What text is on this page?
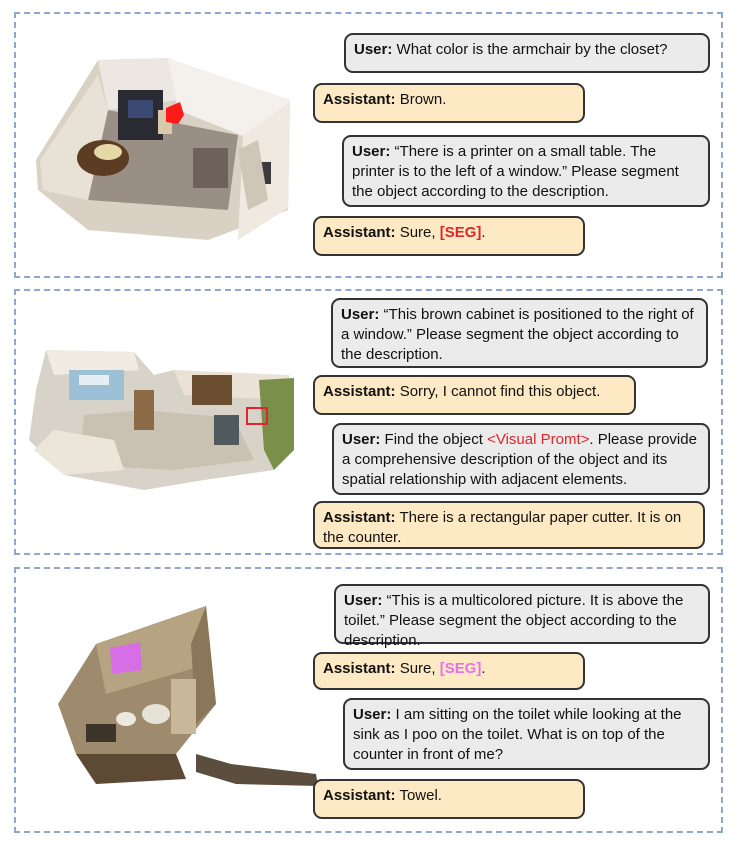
User: What color is the armchair by the closet?
Assistant: Brown.
User: “There is a printer on a small table. The printer is to the left of a window.” Please segment the object according to the description.
Assistant: Sure, [SEG].
User: “This brown cabinet is positioned to the right of a window.” Please segment the object according to the description.
Assistant: Sorry, I cannot find this object.
User: Find the object <Visual Promt>. Please provide a comprehensive description of the object and its spatial relationship with adjacent elements.
Assistant: There is a rectangular paper cutter. It is on the counter.
User: “This is a multicolored picture. It is above the toilet.” Please segment the object according to the description.
Assistant: Sure, [SEG].
User: I am sitting on the toilet while looking at the sink as I poo on the toilet. What is on top of the counter in front of me?
Assistant: Towel.
